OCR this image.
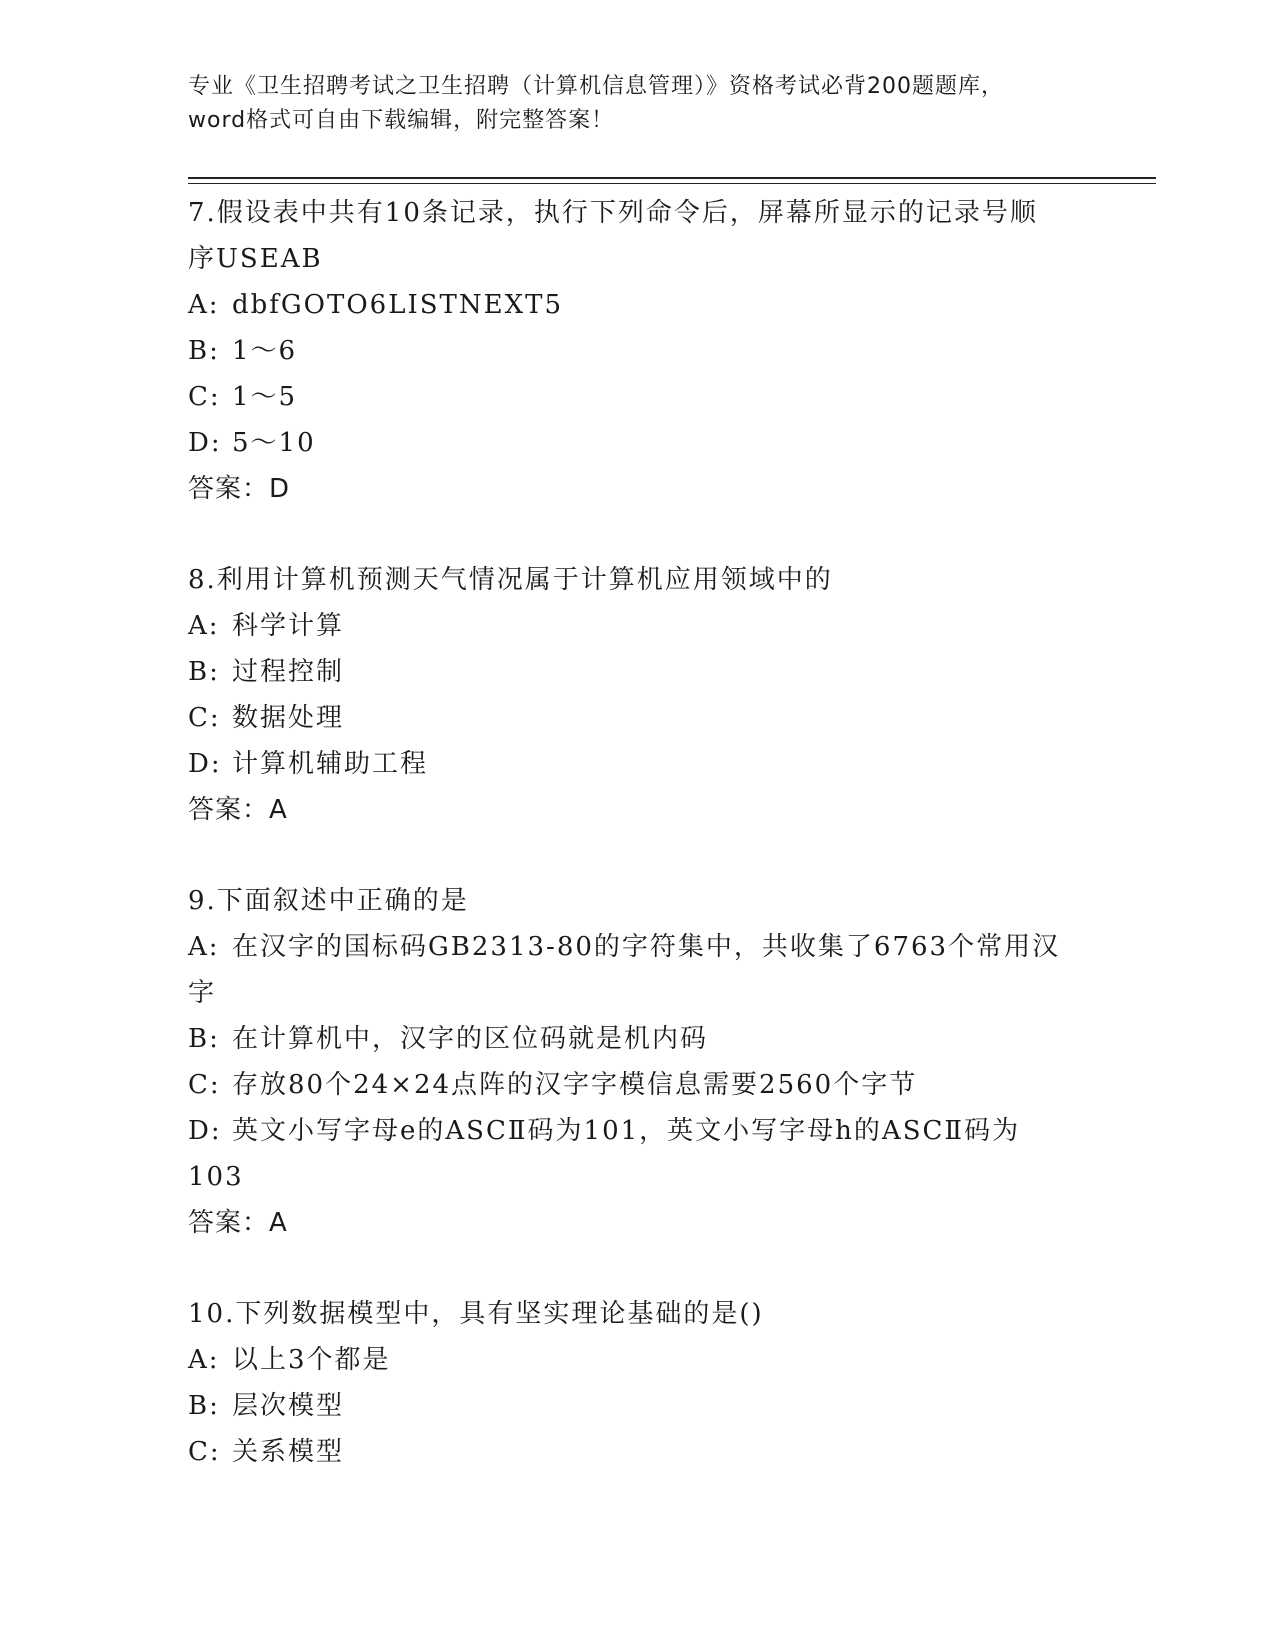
专业《卫生招聘考试之卫生招聘（计算机信息管理）》资格考试必背200题题库，
word格式可自由下载编辑，附完整答案！
7.假设表中共有10条记录，执行下列命令后，屏幕所显示的记录号顺
序USEAB
A: dbfGOTO6LISTNEXT5
B: 1～6
C: 1～5
D: 5～10
答案：D
8.利用计算机预测天气情况属于计算机应用领域中的
A: 科学计算
B: 过程控制
C: 数据处理
D: 计算机辅助工程
答案：A
9.下面叙述中正确的是
A: 在汉字的国标码GB2313-80的字符集中，共收集了6763个常用汉
字
B: 在计算机中，汉字的区位码就是机内码
C: 存放80个24×24点阵的汉字字模信息需要2560个字节
D: 英文小写字母e的ASCⅡ码为101，英文小写字母h的ASCⅡ码为
103
答案：A
10.下列数据模型中，具有坚实理论基础的是()
A: 以上3个都是
B: 层次模型
C: 关系模型
